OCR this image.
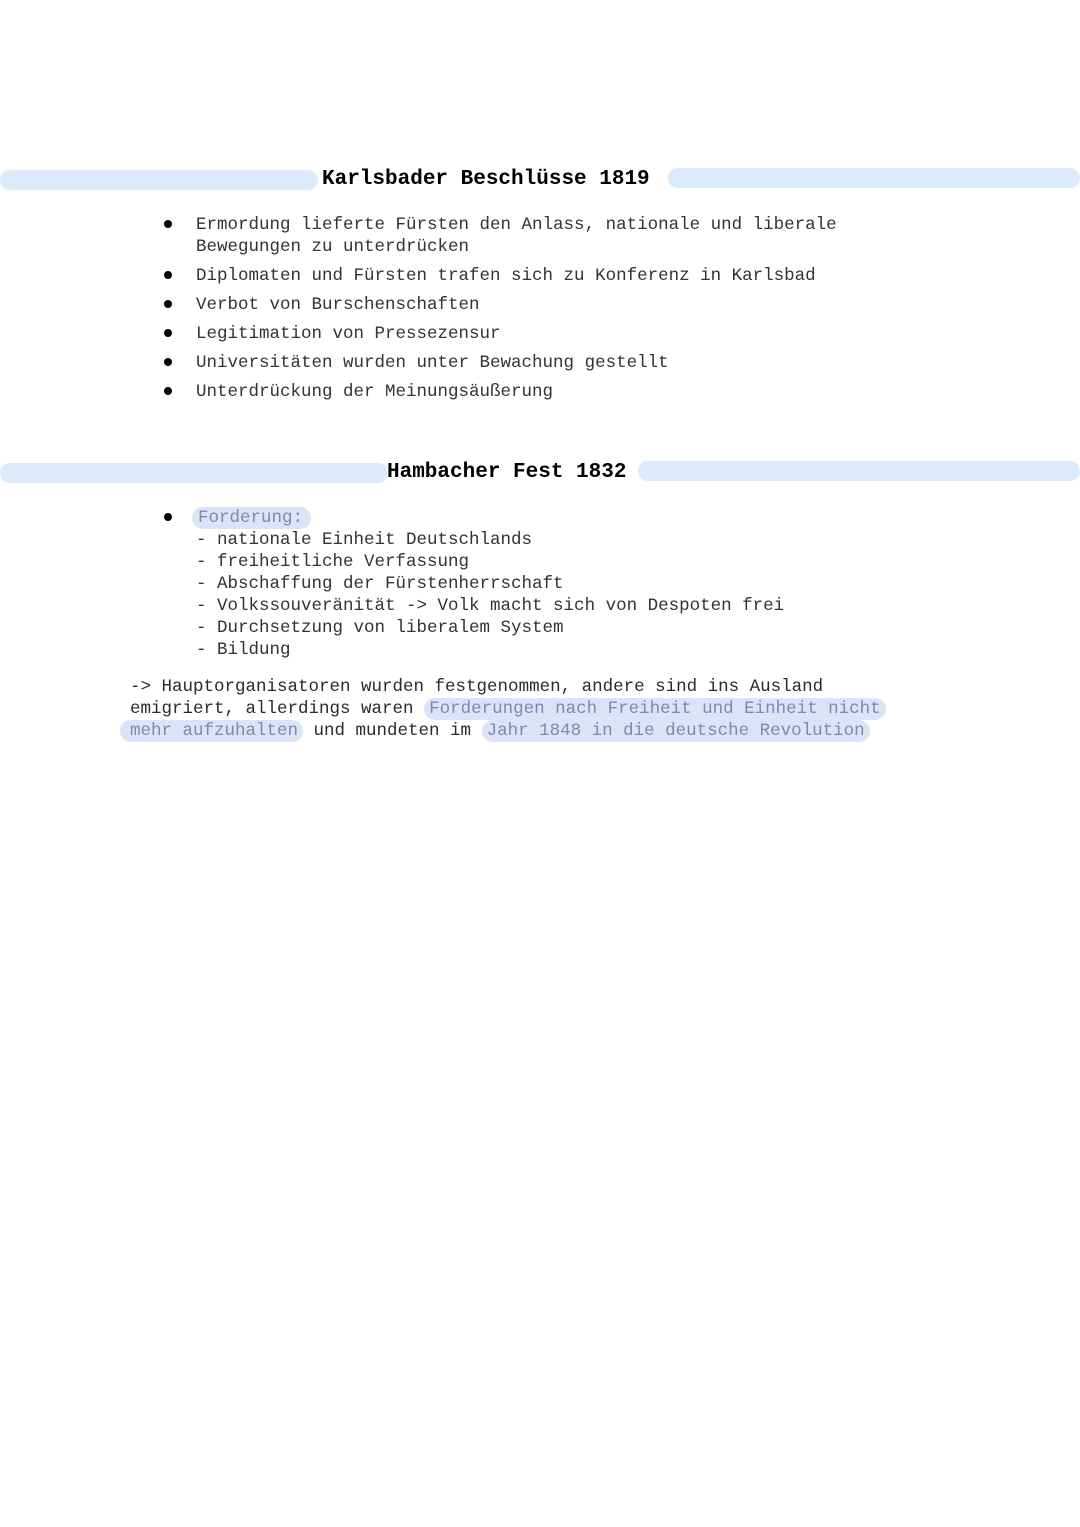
Karlsbader Beschlüsse 1819
Ermordung lieferte Fürsten den Anlass, nationale und liberale
Bewegungen zu unterdrücken
Diplomaten und Fürsten trafen sich zu Konferenz in Karlsbad
Verbot von Burschenschaften
Legitimation von Pressezensur
Universitäten wurden unter Bewachung gestellt
Unterdrückung der Meinungsäußerung
Hambacher Fest 1832
Forderung:
- nationale Einheit Deutschlands
- freiheitliche Verfassung
- Abschaffung der Fürstenherrschaft
- Volkssouveränität -> Volk macht sich von Despoten frei
- Durchsetzung von liberalem System
- Bildung
-> Hauptorganisatoren wurden festgenommen, andere sind ins Ausland
emigriert, allerdings waren Forderungen nach Freiheit und Einheit nicht
mehr aufzuhalten und mundeten im Jahr 1848 in die deutsche Revolution
